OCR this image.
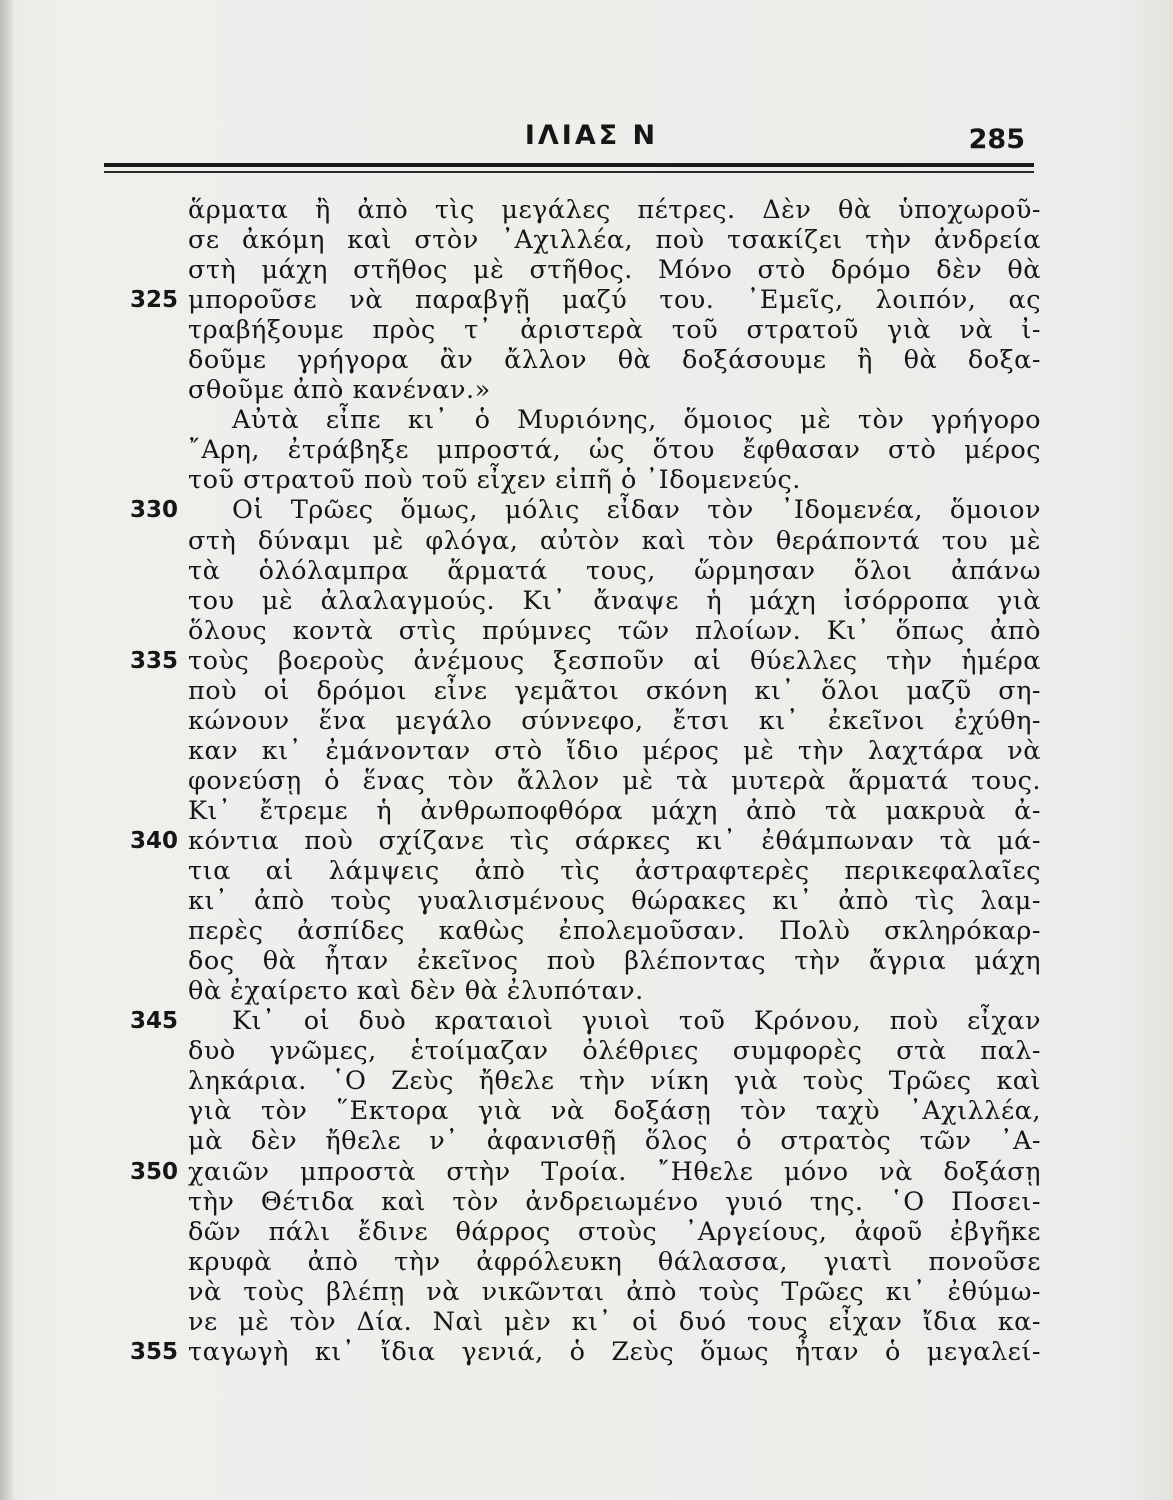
ΙΛΙΑΣ Ν	285
ἅρματα ἢ ἀπὸ τὶς μεγάλες πέτρες. Δὲν θὰ ὑποχωροῦ-
σε ἀκόμη καὶ στὸν ᾿Αχιλλέα, ποὺ τσακίζει τὴν ἀνδρεία
στὴ μάχη στῆθος μὲ στῆθος. Μόνο στὸ δρόμο δὲν θὰ
325 μποροῦσε νὰ παραβγῇ μαζύ του. ᾿Εμεῖς, λοιπόν, ας
τραβήξουμε πρὸς τ᾿ ἀριστερὰ τοῦ στρατοῦ γιὰ νὰ ἰ-
δοῦμε γρήγορα ἂν ἄλλον θὰ δοξάσουμε ἢ θὰ δοξα-
σθοῦμε ἀπὸ κανέναν.»
Αὐτὰ εἶπε κι᾿ ὁ Μυριόνης, ὅμοιος μὲ τὸν γρήγορο
῎Αρη, ἐτράβηξε μπροστά, ὡς ὅτου ἔφθασαν στὸ μέρος
τοῦ στρατοῦ ποὺ τοῦ εἶχεν εἰπῆ ὁ ᾿Ιδομενεύς.
330	Οἱ Τρῶες ὅμως, μόλις εἶδαν τὸν ᾿Ιδομενέα, ὅμοιον
στὴ δύναμι μὲ φλόγα, αὐτὸν καὶ τὸν θεράποντά του μὲ
τὰ ὁλόλαμπρα ἅρματά τους, ὥρμησαν ὅλοι ἀπάνω
του μὲ ἀλαλαγμούς. Κι᾿ ἄναψε ἡ μάχη ἰσόρροπα γιὰ
ὅλους κοντὰ στὶς πρύμνες τῶν πλοίων. Κι᾿ ὅπως ἀπὸ
335 τοὺς βοεροὺς ἀνέμους ξεσποῦν αἱ θύελλες τὴν ἡμέρα
ποὺ οἱ δρόμοι εἶνε γεμᾶτοι σκόνη κι᾿ ὅλοι μαζῦ ση-
κώνουν ἕνα μεγάλο σύννεφο, ἔτσι κι᾿ ἐκεῖνοι ἐχύθη-
καν κι᾿ ἐμάνονταν στὸ ἴδιο μέρος μὲ τὴν λαχτάρα νὰ
φονεύσῃ ὁ ἕνας τὸν ἄλλον μὲ τὰ μυτερὰ ἅρματά τους.
Κι᾿ ἔτρεμε ἡ ἀνθρωποφθόρα μάχη ἀπὸ τὰ μακρυὰ ἀ-
340 κόντια ποὺ σχίζανε τὶς σάρκες κι᾿ ἐθάμπωναν τὰ μά-
τια αἱ λάμψεις ἀπὸ τὶς ἀστραφτερὲς περικεφαλαῖες
κι᾿ ἀπὸ τοὺς γυαλισμένους θώρακες κι᾿ ἀπὸ τὶς λαμ-
περὲς ἀσπίδες καθὼς ἐπολεμοῦσαν. Πολὺ σκληρόκαρ-
δος θὰ ἦταν ἐκεῖνος ποὺ βλέποντας τὴν ἄγρια μάχη
θὰ ἐχαίρετο καὶ δὲν θὰ ἐλυπόταν.
345	Κι᾿ οἱ δυὸ κραταιοὶ γυιοὶ τοῦ Κρόνου, ποὺ εἶχαν
δυὸ γνῶμες, ἑτοίμαζαν ὀλέθριες συμφορὲς στὰ παλ-
ληκάρια. ῾Ο Ζεὺς ἤθελε τὴν νίκη γιὰ τοὺς Τρῶες καὶ
γιὰ τὸν ῞Εκτορα γιὰ νὰ δοξάσῃ τὸν ταχὺ ᾿Αχιλλέα,
μὰ δὲν ἤθελε ν᾿ ἀφανισθῇ ὅλος ὁ στρατὸς τῶν ᾿Α-
350 χαιῶν μπροστὰ στὴν Τροία. ῎Ηθελε μόνο νὰ δοξάσῃ
τὴν Θέτιδα καὶ τὸν ἀνδρειωμένο γυιό της. ῾Ο Ποσει-
δῶν πάλι ἔδινε θάρρος στοὺς ᾿Αργείους, ἀφοῦ ἐβγῆκε
κρυφὰ ἀπὸ τὴν ἀφρόλευκη θάλασσα, γιατὶ πονοῦσε
νὰ τοὺς βλέπῃ νὰ νικῶνται ἀπὸ τοὺς Τρῶες κι᾿ ἐθύμω-
νε μὲ τὸν Δία. Ναὶ μὲν κι᾿ οἱ δυό τους εἶχαν ἴδια κα-
355 ταγωγὴ κι᾿ ἴδια γενιά, ὁ Ζεὺς ὅμως ἦταν ὁ μεγαλεί-
